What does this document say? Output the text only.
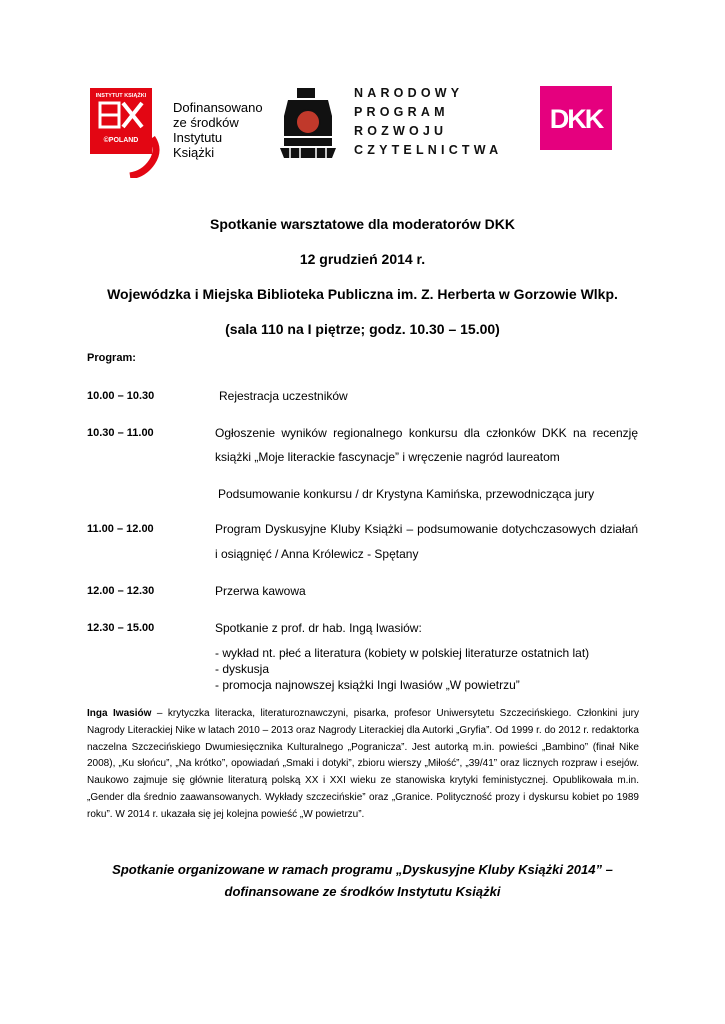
INSTYTUT KSIĄŻKI
©POLAND
Dofinansowano
ze środków
Instytutu
Książki
NARODOWY
PROGRAM
ROZWOJU
CZYTELNICTWA
DKK
Spotkanie warsztatowe dla moderatorów DKK
12 grudzień 2014 r.
Wojewódzka i Miejska Biblioteka Publiczna im. Z. Herberta w Gorzowie Wlkp.
(sala 110 na I piętrze; godz. 10.30 – 15.00)
Program:
10.00 – 10.30	Rejestracja uczestników
10.30 – 11.00	Ogłoszenie wyników regionalnego konkursu dla członków DKK na recenzję
książki „Moje literackie fascynacje” i wręczenie nagród laureatom
Podsumowanie konkursu / dr Krystyna Kamińska, przewodnicząca jury
11.00 – 12.00	Program Dyskusyjne Kluby Książki – podsumowanie dotychczasowych działań
i osiągnięć / Anna Królewicz - Spętany
12.00 – 12.30	Przerwa kawowa
12.30 – 15.00	Spotkanie z prof. dr hab. Ingą Iwasiów:
- wykład nt. płeć a literatura (kobiety w polskiej literaturze ostatnich lat)
- dyskusja
- promocja najnowszej książki Ingi Iwasiów „W powietrzu”
Inga Iwasiów – krytyczka literacka, literaturoznawczyni, pisarka, profesor Uniwersytetu Szczecińskiego. Członkini jury Nagrody Literackiej Nike w latach 2010 – 2013 oraz Nagrody Literackiej dla Autorki „Gryfia”. Od 1999 r. do 2012 r. redaktorka naczelna Szczecińskiego Dwumiesięcznika Kulturalnego „Pogranicza”. Jest autorką m.in. powieści „Bambino” (finał Nike 2008), „Ku słońcu”, „Na krótko”, opowiadań „Smaki i dotyki”, zbioru wierszy „Miłość”, „39/41” oraz licznych rozpraw i esejów. Naukowo zajmuje się głównie literaturą polską XX i XXI wieku ze stanowiska krytyki feministycznej. Opublikowała m.in. „Gender dla średnio zaawansowanych. Wykłady szczecińskie” oraz „Granice. Polityczność prozy i dyskursu kobiet po 1989 roku”. W 2014 r. ukazała się jej kolejna powieść „W powietrzu”.
Spotkanie organizowane w ramach programu „Dyskusyjne Kluby Książki 2014” –
dofinansowane ze środków Instytutu Książki
